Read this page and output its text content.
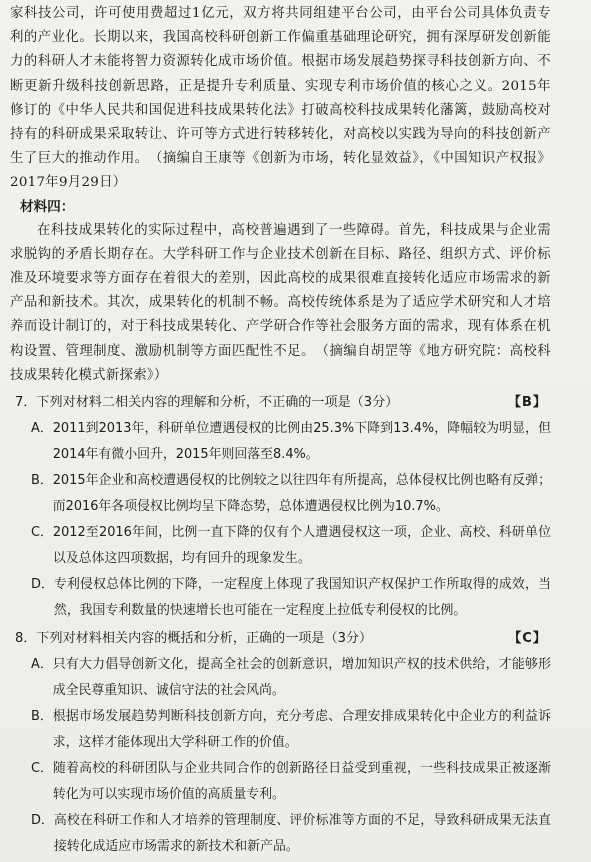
家科技公司，许可使用费超过1亿元，双方将共同组建平台公司，由平台公司具体负责专利的产业化。长期以来，我国高校科研创新工作偏重基础理论研究，拥有深厚研发创新能力的科研人才未能将智力资源转化成市场价值。根据市场发展趋势探寻科技创新方向、不断更新升级科技创新思路，正是提升专利质量、实现专利市场价值的核心之义。2015年修订的《中华人民共和国促进科技成果转化法》打破高校科技成果转化藩篱，鼓励高校对持有的科研成果采取转让、许可等方式进行转移转化，对高校以实践为导向的科技创新产生了巨大的推动作用。　（摘编自王康等《创新为市场，转化显效益》，《中国知识产权报》2017年9月29日）

材料四：

在科技成果转化的实际过程中，高校普遍遇到了一些障碍。首先，科技成果与企业需求脱钩的矛盾长期存在。大学科研工作与企业技术创新在目标、路径、组织方式、评价标准及环境要求等方面存在着很大的差别，因此高校的成果很难直接转化适应市场需求的新产品和新技术。其次，成果转化的机制不畅。高校传统体系是为了适应学术研究和人才培养而设计制订的，对于科技成果转化、产学研合作等社会服务方面的需求，现有体系在机构设置、管理制度、激励机制等方面匹配性不足。　（摘编自胡罡等《地方研究院：高校科技成果转化模式新探索》）

7．下列对材料二相关内容的理解和分析，不正确的一项是（3分）	【B】
A． 2011到2013年，科研单位遭遇侵权的比例由25.3%下降到13.4%，降幅较为明显，但2014年有微小回升，2015年则回落至8.4%。
B． 2015年企业和高校遭遇侵权的比例较之以往四年有所提高，总体侵权比例也略有反弹；而2016年各项侵权比例均呈下降态势，总体遭遇侵权比例为10.7%。
C． 2012至2016年间，比例一直下降的仅有个人遭遇侵权这一项，企业、高校、科研单位以及总体这四项数据，均有回升的现象发生。
D． 专利侵权总体比例的下降，一定程度上体现了我国知识产权保护工作所取得的成效，当然，我国专利数量的快速增长也可能在一定程度上拉低专利侵权的比例。
8．下列对材料相关内容的概括和分析，正确的一项是（3分）	【C】
A． 只有大力倡导创新文化，提高全社会的创新意识，增加知识产权的技术供给，才能够形成全民尊重知识、诚信守法的社会风尚。
B． 根据市场发展趋势判断科技创新方向，充分考虑、合理安排成果转化中企业方的利益诉求，这样才能体现出大学科研工作的价值。
C． 随着高校的科研团队与企业共同合作的创新路径日益受到重视，一些科技成果正被逐渐转化为可以实现市场价值的高质量专利。
D． 高校在科研工作和人才培养的管理制度、评价标准等方面的不足，导致科研成果无法直接转化成适应市场需求的新技术和新产品。
